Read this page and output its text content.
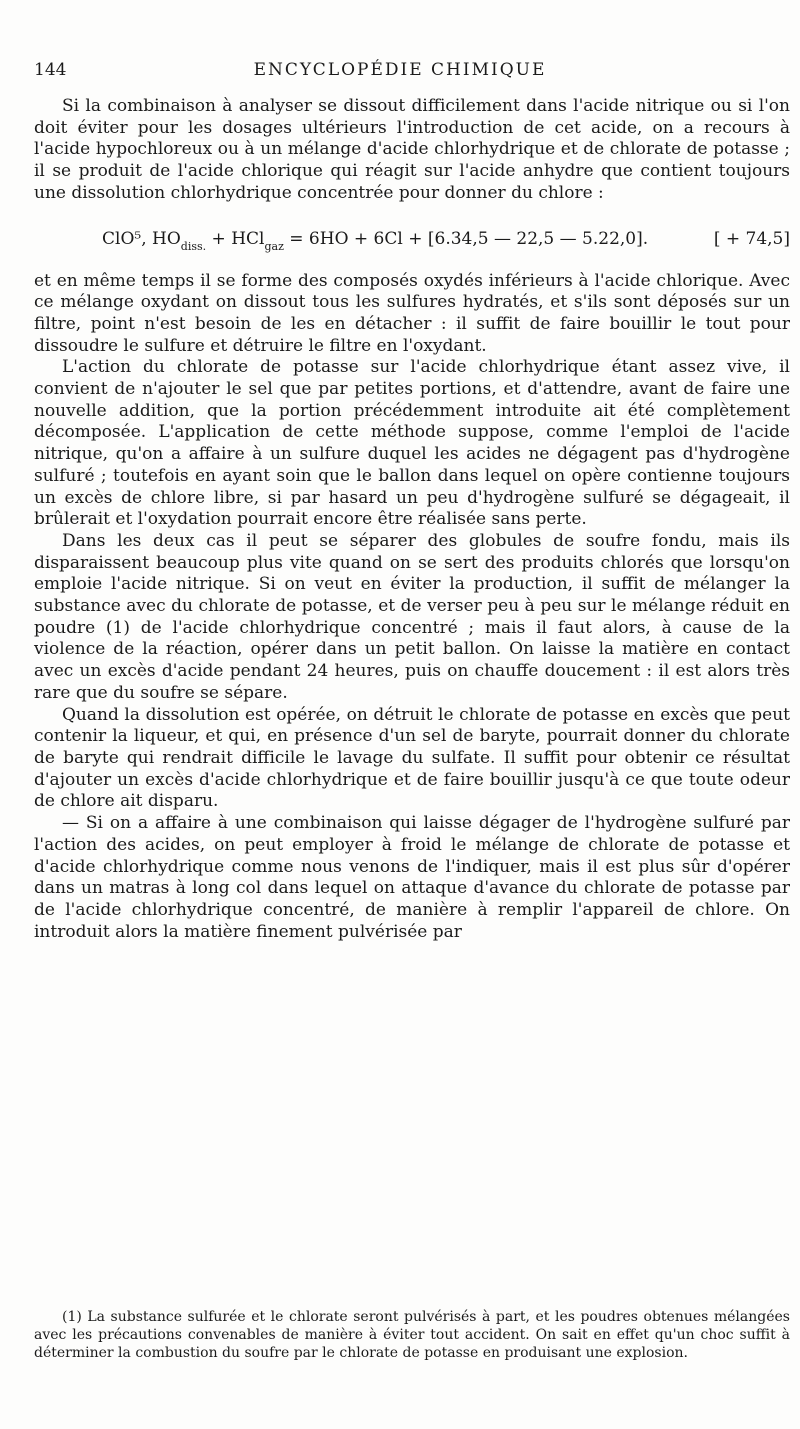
144	ENCYCLOPÉDIE CHIMIQUE

Si la combinaison à analyser se dissout difficilement dans l'acide nitrique ou si l'on doit éviter pour les dosages ultérieurs l'introduction de cet acide, on a recours à l'acide hypochloreux ou à un mélange d'acide chlorhydrique et de chlorate de potasse ; il se produit de l'acide chlorique qui réagit sur l'acide anhydre que contient toujours une dissolution chlorhydrique concentrée pour donner du chlore :

ClO⁵, $HO_{diss.} + HCl_{gaz} = 6HO + 6Cl + [6.34,5$ — 22,5 — 5.22,0].	[ + 74,5]

et en même temps il se forme des composés oxydés inférieurs à l'acide chlorique. Avec ce mélange oxydant on dissout tous les sulfures hydratés, et s'ils sont déposés sur un filtre, point n'est besoin de les en détacher : il suffit de faire bouillir le tout pour dissoudre le sulfure et détruire le filtre en l'oxydant.

L'action du chlorate de potasse sur l'acide chlorhydrique étant assez vive, il convient de n'ajouter le sel que par petites portions, et d'attendre, avant de faire une nouvelle addition, que la portion précédemment introduite ait été complètement décomposée. L'application de cette méthode suppose, comme l'emploi de l'acide nitrique, qu'on a affaire à un sulfure duquel les acides ne dégagent pas d'hydrogène sulfuré ; toutefois en ayant soin que le ballon dans lequel on opère contienne toujours un excès de chlore libre, si par hasard un peu d'hydrogène sulfuré se dégageait, il brûlerait et l'oxydation pourrait encore être réalisée sans perte.

Dans les deux cas il peut se séparer des globules de soufre fondu, mais ils disparaissent beaucoup plus vite quand on se sert des produits chlorés que lorsqu'on emploie l'acide nitrique. Si on veut en éviter la production, il suffit de mélanger la substance avec du chlorate de potasse, et de verser peu à peu sur le mélange réduit en poudre (1) de l'acide chlorhydrique concentré ; mais il faut alors, à cause de la violence de la réaction, opérer dans un petit ballon. On laisse la matière en contact avec un excès d'acide pendant 24 heures, puis on chauffe doucement : il est alors très rare que du soufre se sépare.

Quand la dissolution est opérée, on détruit le chlorate de potasse en excès que peut contenir la liqueur, et qui, en présence d'un sel de baryte, pourrait donner du chlorate de baryte qui rendrait difficile le lavage du sulfate. Il suffit pour obtenir ce résultat d'ajouter un excès d'acide chlorhydrique et de faire bouillir jusqu'à ce que toute odeur de chlore ait disparu.

— Si on a affaire à une combinaison qui laisse dégager de l'hydrogène sulfuré par l'action des acides, on peut employer à froid le mélange de chlorate de potasse et d'acide chlorhydrique comme nous venons de l'indiquer, mais il est plus sûr d'opérer dans un matras à long col dans lequel on attaque d'avance du chlorate de potasse par de l'acide chlorhydrique concentré, de manière à remplir l'appareil de chlore. On introduit alors la matière finement pulvérisée par

(1) La substance sulfurée et le chlorate seront pulvérisés à part, et les poudres obtenues mélangées avec les précautions convenables de manière à éviter tout accident. On sait en effet qu'un choc suffit à déterminer la combustion du soufre par le chlorate de potasse en produisant une explosion.
